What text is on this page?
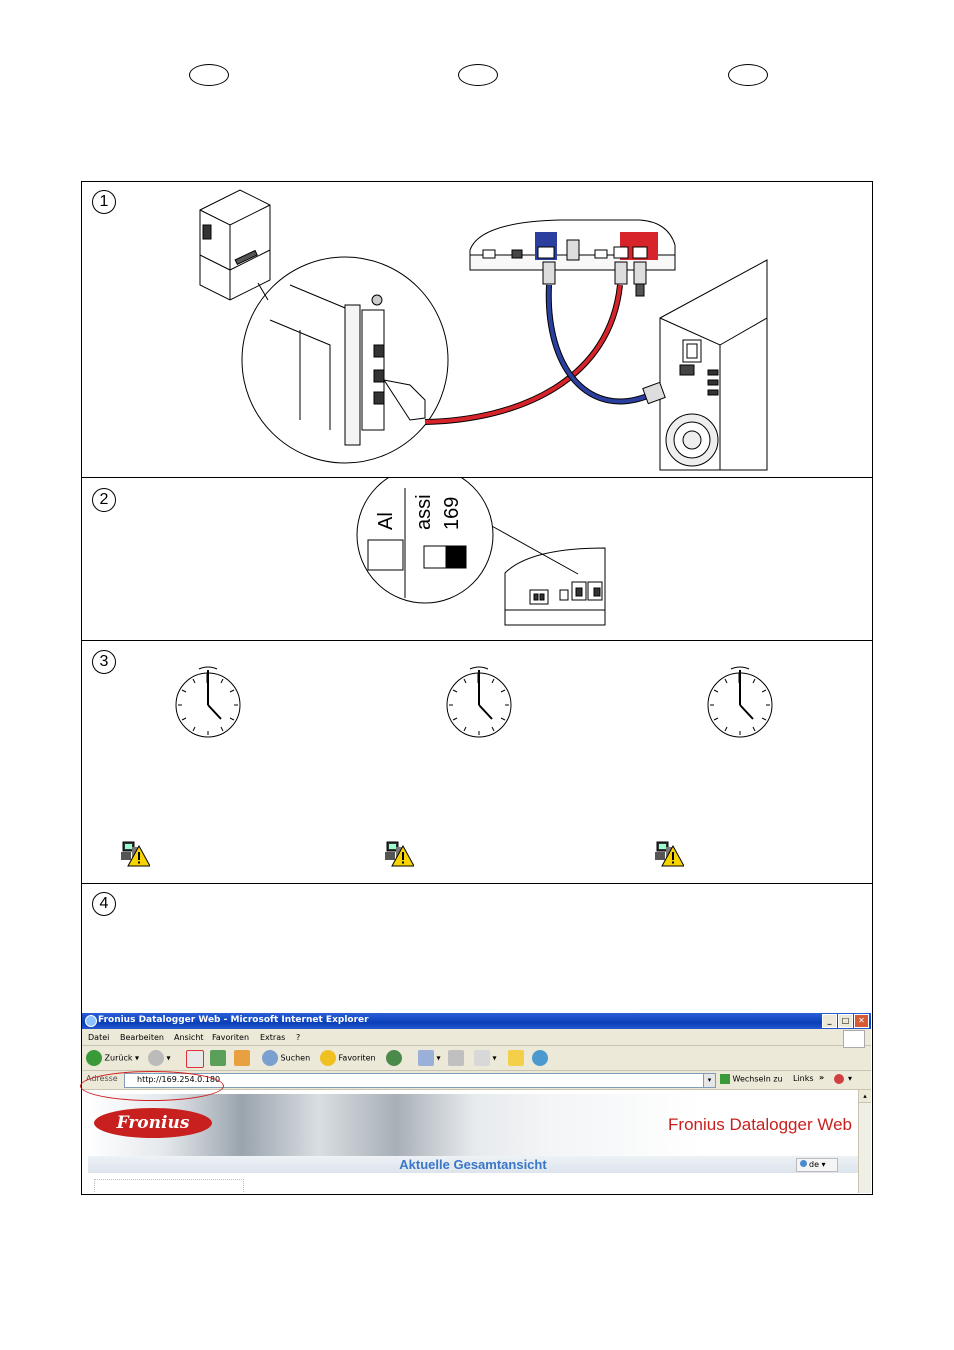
1
2
3
4
Al assi 169
Fronius Datalogger Web - Microsoft Internet Explorer	_ □ ✕
Datei Bearbeiten Ansicht Favoriten Extras ?
Zurück ▾	▾	Suchen	Favoriten	▾	▾
Adresse http://169.254.0.180	▾	Wechseln zu Links »	▾
Fronius	Fronius Datalogger Web
Aktuelle Gesamtansicht	de ▾
▴
